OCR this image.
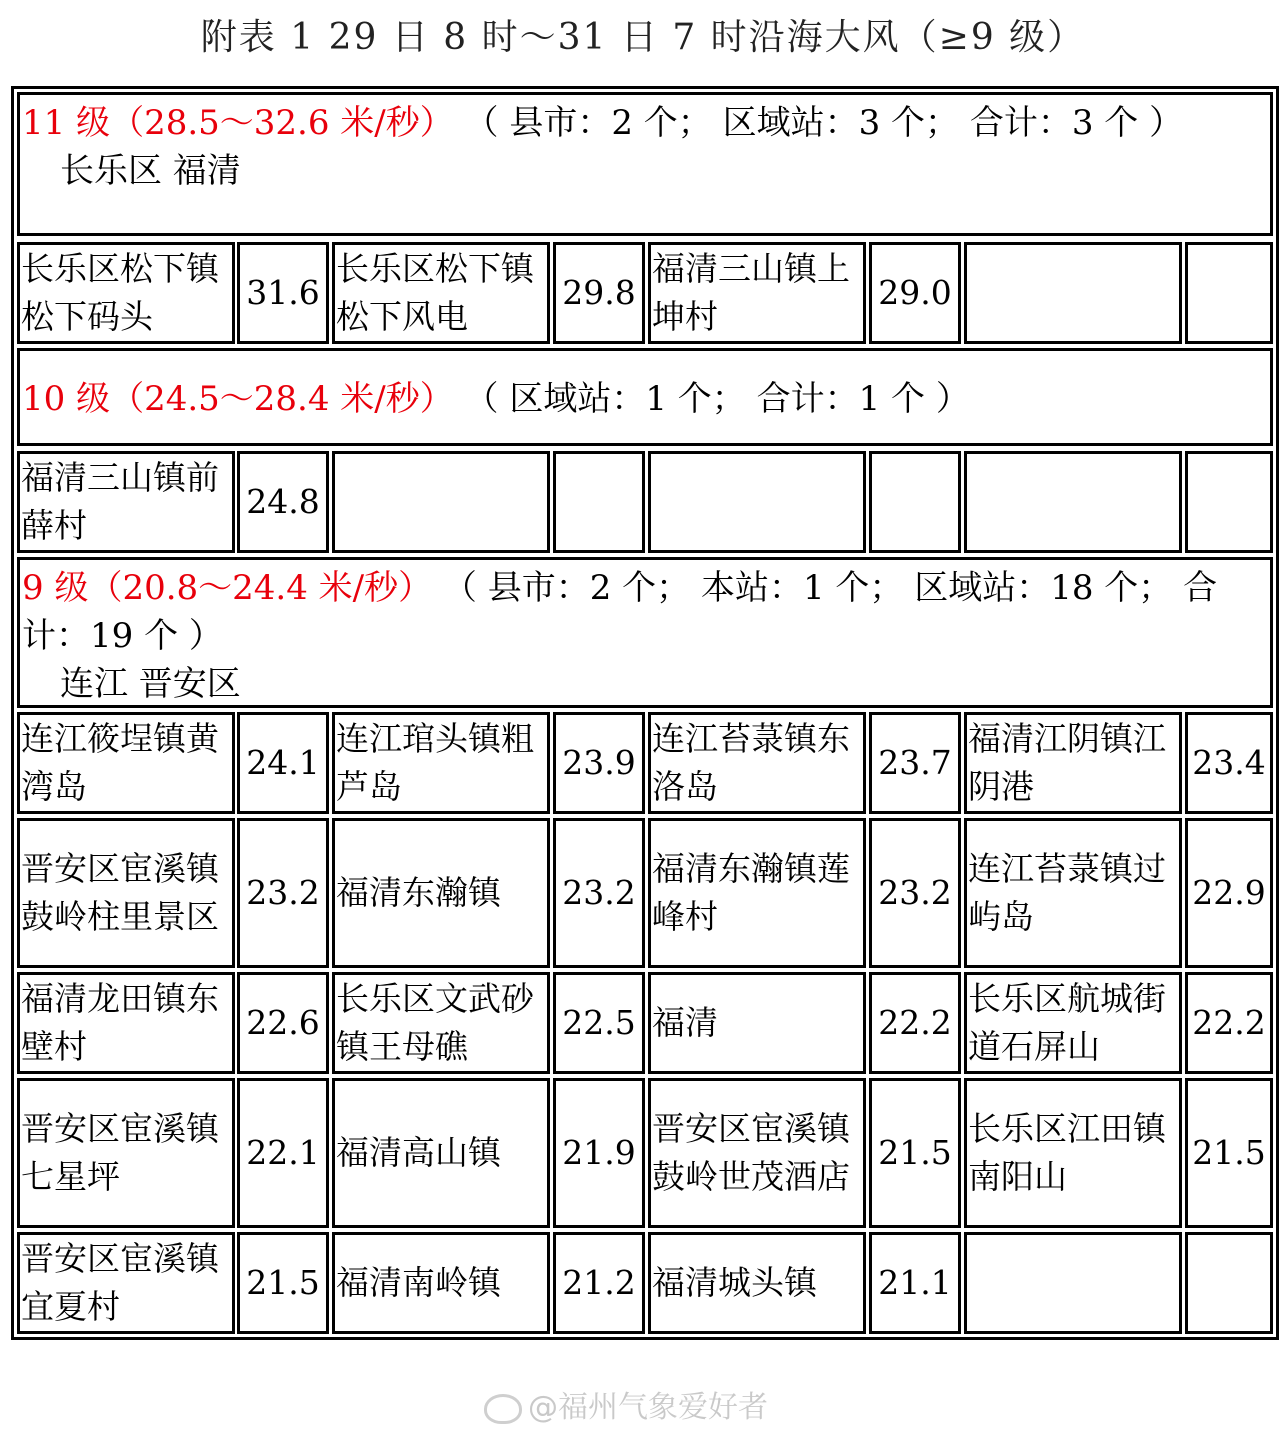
附表 1 29 日 8 时～31 日 7 时沿海大风（≥9 级）
11 级（28.5～32.6 米/秒） （ 县市：2 个； 区域站：3 个； 合计：3 个 ）
长乐区 福清
长乐区松下镇松下码头
31.6
长乐区松下镇松下风电
29.8
福清三山镇上坤村
29.0
10 级（24.5～28.4 米/秒） （ 区域站：1 个； 合计：1 个 ）
福清三山镇前薛村
24.8
9 级（20.8～24.4 米/秒） （ 县市：2 个； 本站：1 个； 区域站：18 个； 合计：19 个 ）
连江 晋安区
连江筱埕镇黄湾岛
24.1
连江琯头镇粗芦岛
23.9
连江苔菉镇东洛岛
23.7
福清江阴镇江阴港
23.4
晋安区宦溪镇鼓岭柱里景区
23.2 福清东瀚镇 23.2
福清东瀚镇莲峰村
23.2
连江苔菉镇过屿岛
22.9
福清龙田镇东壁村
22.6
长乐区文武砂镇王母礁
22.5 福清	22.2
长乐区航城街道石屏山
22.2
晋安区宦溪镇七星坪
22.1 福清高山镇 21.9
晋安区宦溪镇鼓岭世茂酒店
21.5
长乐区江田镇南阳山
21.5
晋安区宦溪镇宜夏村
21.5 福清南岭镇 21.2 福清城头镇 21.1
@福州气象爱好者
